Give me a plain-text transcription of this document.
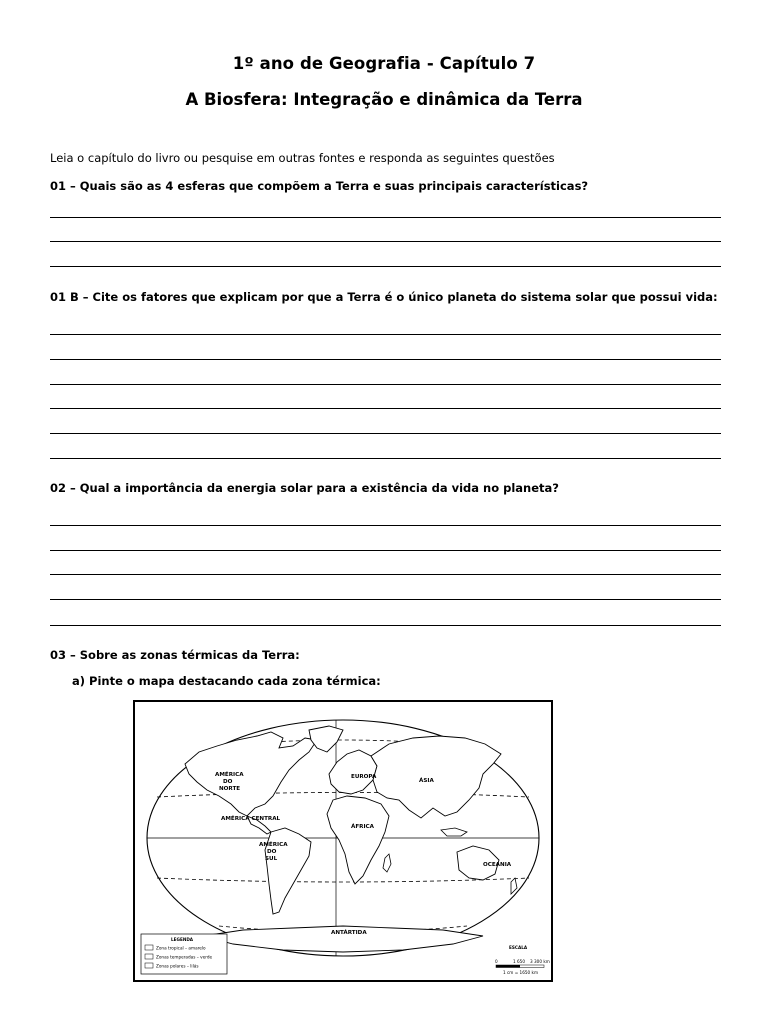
1º ano de Geografia - Capítulo 7
A Biosfera: Integração e dinâmica da Terra
Leia o capítulo do livro ou pesquise em outras fontes e responda as seguintes questões
01 – Quais são as 4 esferas que compõem a Terra e suas principais características?
01 B – Cite os fatores que explicam por que a Terra é o único planeta do sistema solar que possui vida:
02 – Qual a importância da energia solar para a existência da vida no planeta?
03 – Sobre as zonas térmicas da Terra:
a) Pinte o mapa destacando cada zona térmica:
AMÉRICA
DO
NORTE
AMÉRICA CENTRAL
AMÉRICA
DO
SUL
EUROPA
ÁSIA
ÁFRICA
OCEANIA
ANTÁRTIDA
LEGENDA
Zona tropical – amarelo
Zonas temperadas – verde
Zonas polares – lilás
ESCALA
0	1 650 3 300 km
1 cm = 1650 km
